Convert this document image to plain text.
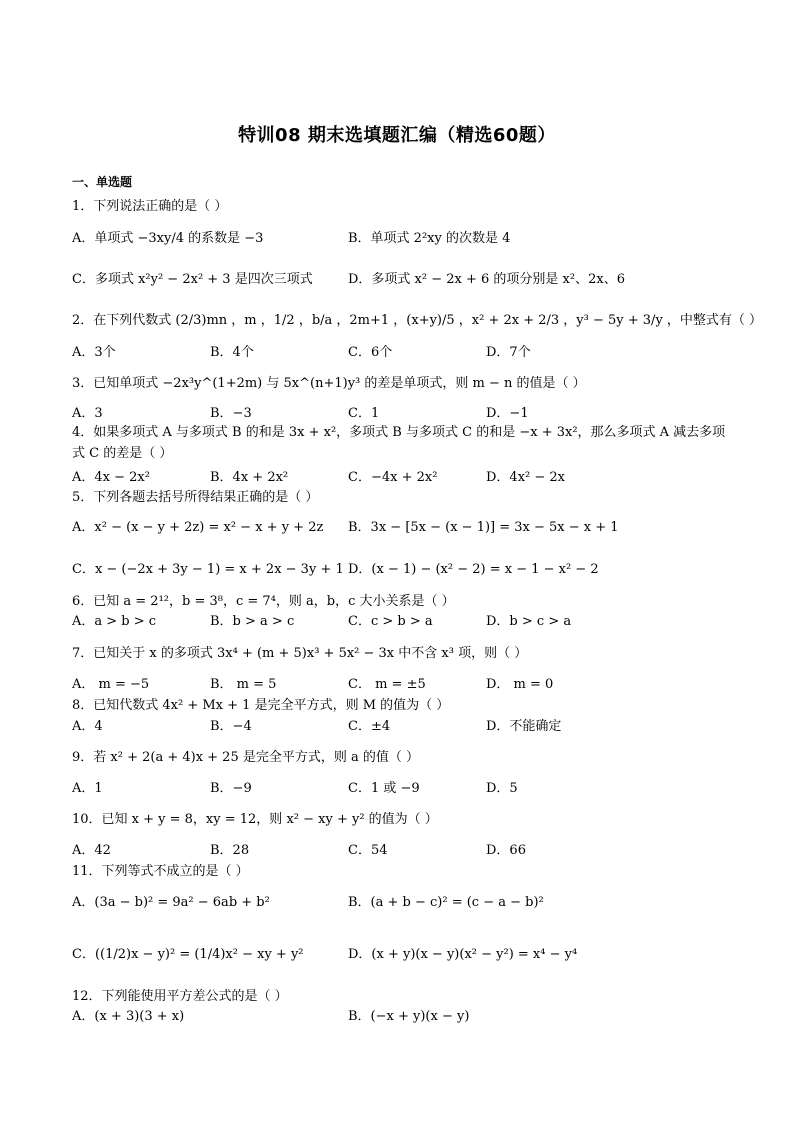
特训08 期末选填题汇编（精选60题）
一、单选题
1．下列说法正确的是（ ）
A．单项式 −3xy/4 的系数是 −3	B．单项式 2²xy 的次数是 4
C．多项式 x²y² − 2x² + 3 是四次三项式	D．多项式 x² − 2x + 6 的项分别是 x²、2x、6
2．在下列代数式 (2/3)mn ，m ，1/2 ，b/a ，2m+1 ，(x+y)/5 ，x² + 2x + 2/3 ，y³ − 5y + 3/y ，中整式有（ ）
A．3个	B．4个	C．6个	D．7个
3．已知单项式 −2x³y^(1+2m) 与 5x^(n+1)y³ 的差是单项式，则 m − n 的值是（ ）
A．3	B．−3	C．1	D．−1
4．如果多项式 A 与多项式 B 的和是 3x + x²，多项式 B 与多项式 C 的和是 −x + 3x²，那么多项式 A 减去多项式 C 的差是（ ）
A．4x − 2x²	B．4x + 2x²	C．−4x + 2x²	D．4x² − 2x
5．下列各题去括号所得结果正确的是（ ）
A．x² − (x − y + 2z) = x² − x + y + 2z B．3x − [5x − (x − 1)] = 3x − 5x − x + 1
C．x − (−2x + 3y − 1) = x + 2x − 3y + 1 D．(x − 1) − (x² − 2) = x − 1 − x² − 2
6．已知 a = 2¹²，b = 3⁸，c = 7⁴，则 a，b，c 大小关系是（ ）
A．a > b > c	B．b > a > c	C．c > b > a	D．b > c > a
7．已知关于 x 的多项式 3x⁴ + (m + 5)x³ + 5x² − 3x 中不含 x³ 项，则（ ）
A． m = −5	B． m = 5	C． m = ±5	D． m = 0
8．已知代数式 4x² + Mx + 1 是完全平方式，则 M 的值为（ ）
A．4	B．−4	C．±4	D．不能确定
9．若 x² + 2(a + 4)x + 25 是完全平方式，则 a 的值（ ）
A．1	B．−9	C．1 或 −9	D．5
10．已知 x + y = 8，xy = 12，则 x² − xy + y² 的值为（ ）
A．42	B．28	C．54	D．66
11．下列等式不成立的是（ ）
A．(3a − b)² = 9a² − 6ab + b²	B．(a + b − c)² = (c − a − b)²
C．((1/2)x − y)² = (1/4)x² − xy + y²	D．(x + y)(x − y)(x² − y²) = x⁴ − y⁴
12．下列能使用平方差公式的是（ ）
A．(x + 3)(3 + x)	B．(−x + y)(x − y)
